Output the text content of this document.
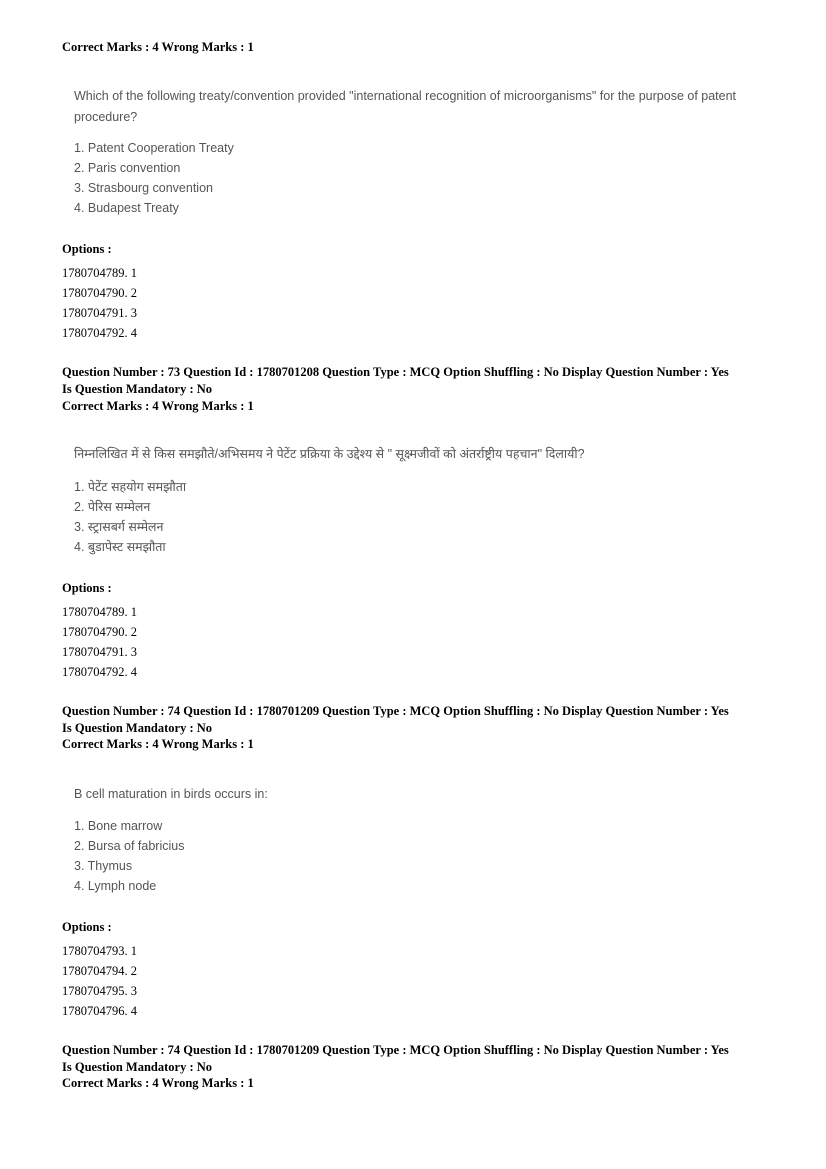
Correct Marks : 4 Wrong Marks : 1
Which of the following treaty/convention provided "international recognition of microorganisms" for the purpose of patent procedure?
1. Patent Cooperation Treaty
2. Paris convention
3. Strasbourg convention
4. Budapest Treaty
Options :
1780704789. 1
1780704790. 2
1780704791. 3
1780704792. 4
Question Number : 73 Question Id : 1780701208 Question Type : MCQ Option Shuffling : No Display Question Number : Yes
Is Question Mandatory : No
Correct Marks : 4 Wrong Marks : 1
निम्नलिखित में से किस समझौते/अभिसमय ने पेटेंट प्रक्रिया के उद्देश्य से " सूक्ष्मजीवों को अंतर्राष्ट्रीय पहचान" दिलायी?
1. पेटेंट सहयोग समझौता
2. पेरिस सम्मेलन
3. स्ट्रासबर्ग सम्मेलन
4. बुडापेस्ट समझौता
Options :
1780704789. 1
1780704790. 2
1780704791. 3
1780704792. 4
Question Number : 74 Question Id : 1780701209 Question Type : MCQ Option Shuffling : No Display Question Number : Yes
Is Question Mandatory : No
Correct Marks : 4 Wrong Marks : 1
B cell maturation in birds occurs in:
1. Bone marrow
2. Bursa of fabricius
3. Thymus
4. Lymph node
Options :
1780704793. 1
1780704794. 2
1780704795. 3
1780704796. 4
Question Number : 74 Question Id : 1780701209 Question Type : MCQ Option Shuffling : No Display Question Number : Yes
Is Question Mandatory : No
Correct Marks : 4 Wrong Marks : 1
